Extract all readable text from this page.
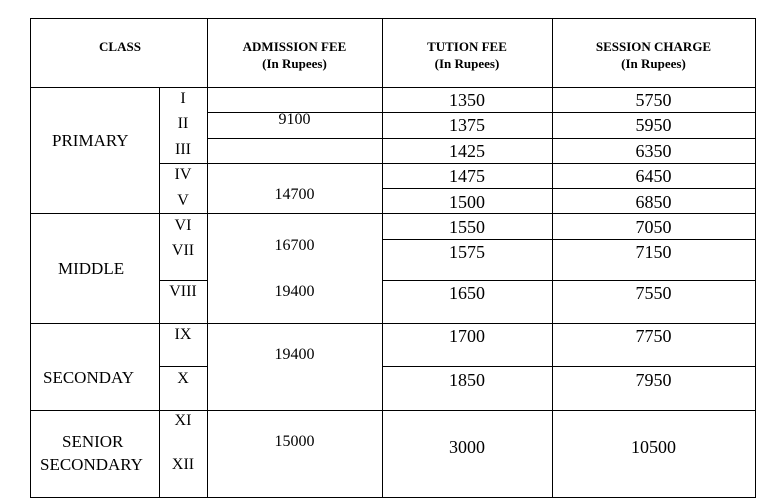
CLASS	ADMISSION FEE
(In Rupees)
TUTION FEE
(In Rupees)
SESSION CHARGE
(In Rupees)
PRIMARY
MIDDLE
SECONDAY
SENIOR
SECONDARY
I
II
III
IV
V
VI
VII
VIII
IX
X
XI
XII
9100
14700
16700
19400
19400
15000
1350
1375
1425
1475
1500
1550
1575
1650
1700
1850
3000
5750
5950
6350
6450
6850
7050
7150
7550
7750
7950
10500
